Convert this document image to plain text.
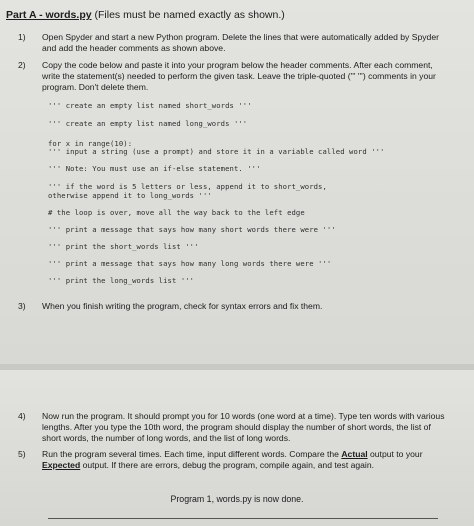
Part A - words.py (Files must be named exactly as shown.)
1)	Open Spyder and start a new Python program. Delete the lines that were automatically added by Spyder and add the header comments as shown above.
2)	Copy the code below and paste it into your program below the header comments. After each comment, write the statement(s) needed to perform the given task. Leave the triple-quoted (''' ''') comments in your program. Don't delete them.
''' create an empty list named short_words '''
''' create an empty list named long_words '''
for x in range(10):
''' input a string (use a prompt) and store it in a variable called word '''
''' Note: You must use an if-else statement. '''
''' if the word is 5 letters or less, append it to short_words,
otherwise append it to long_words '''
# the loop is over, move all the way back to the left edge
''' print a message that says how many short words there were '''
''' print the short_words list '''
''' print a message that says how many long words there were '''
''' print the long_words list '''
3)	When you finish writing the program, check for syntax errors and fix them.
4)	Now run the program. It should prompt you for 10 words (one word at a time). Type ten words with various lengths. After you type the 10th word, the program should display the number of short words, the list of short words, the number of long words, and the list of long words.
5)	Run the program several times. Each time, input different words. Compare the Actual output to your Expected output. If there are errors, debug the program, compile again, and test again.
Program 1, words.py is now done.
